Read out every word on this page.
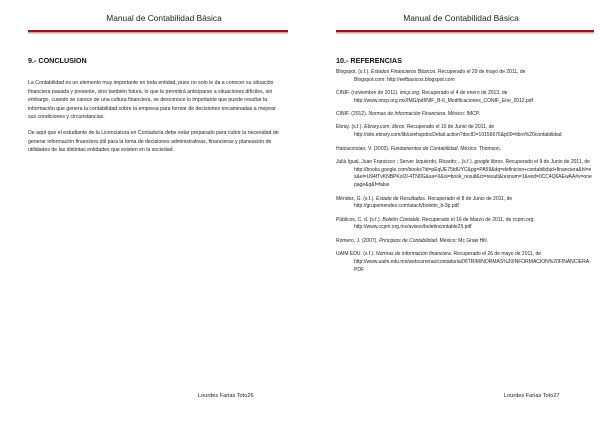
Manual de Contabilidad Básica
9.- CONCLUSION

La Contabilidad es un elemento muy importante en toda entidad, pues no solo le da a conocer su situación financiera pasada y presente, sino también futura, lo que le permitirá anticiparse a situaciones difíciles, sin embargo, cuando se carece de una cultura financiera, se desconoce lo importante que puede resultar la información que genera la contabilidad sobre la empresa para formar de decisiones encaminadas a mejorar sus condiciones y circunstancias.

De aquí que el estudiante de la Licenciatura en Contaduría debe estar preparado para cubrir la necesidad de generar información financiera útil para la toma de decisiones administrativas, financieras y planeación de utilidades de las distintas entidades que existen en la sociedad.

Lourdes Farias Toto26
Manual de Contabilidad Básica
10.- REFERENCIAS
Blogspot. (s.f.). Estados Financieros Básicos. Recuperado el 29 de mayo de 2011, de
Blogspot.com: http://eefbasicos.blogspot.com
CINIF. (noviembre de 2011). imcp.org. Recuperado el 4 de enero de 2013, de
http://www.imcp.org.mx/IMG/pdf/NIF_B-6_Modificaciones_CONIF_Ene_2012.pdf
CINIF. (2012). Normas de Información Financiera. México: IMCP.
Ebray. (s.f.). Ebrary.com. libros. Recuperado el 10 de Junio de 2011, de
http://site.ebrary.com/lib/uvehspdocDetail.action?docID=10156676&p00=libro%20contabilidad
Hatzacorsian, V. (2003). Fundamentos de Contabilidad. México: Thomson.
Julià Igual, Juan Francisco ; Server Izquierdo, Ricardo;...(s.f.). google libros. Recuperado el 9 de Junio de 2011, de
http://books.google.com/books?id=pEqUE75tdUYC&pg=PA59&dq=definicion+contabilidad+financiera&hl=es&ei=U94fTvKNBPKoOI-4TN0G&sa=X&oi=book_result&ct=result&resnum=1&ved=0CC4Q6AEwAA#v=onepage&q&f=false
Méndez, G. (s.f.). Estado de Resultados. Recuperado el 8 de Junio de 2011, de
http://grupomendez.com/atach/boletin_b-3p.pdf
Públicos, C. d. (s.f.). Boletín Contable. Recuperado el 16 de Marzo de 2011, de ccpm.org:
http://www.ccpm.org.mx/avisos/boletincontable25.pdf
Romero, J. (2007). Principios de Contabilidad. México: Mc Graw Hill.
UAIM EDU. (s.f.). Normas de información financiera. Recuperado el 26 de mayo de 2011, de
http://www.uaim.edu.mx/webcarreras/contaduria/06TRIM/NORMAS%20INFORMACION%20FINANCIERA.PDF
Lourdes Farias Toto27
